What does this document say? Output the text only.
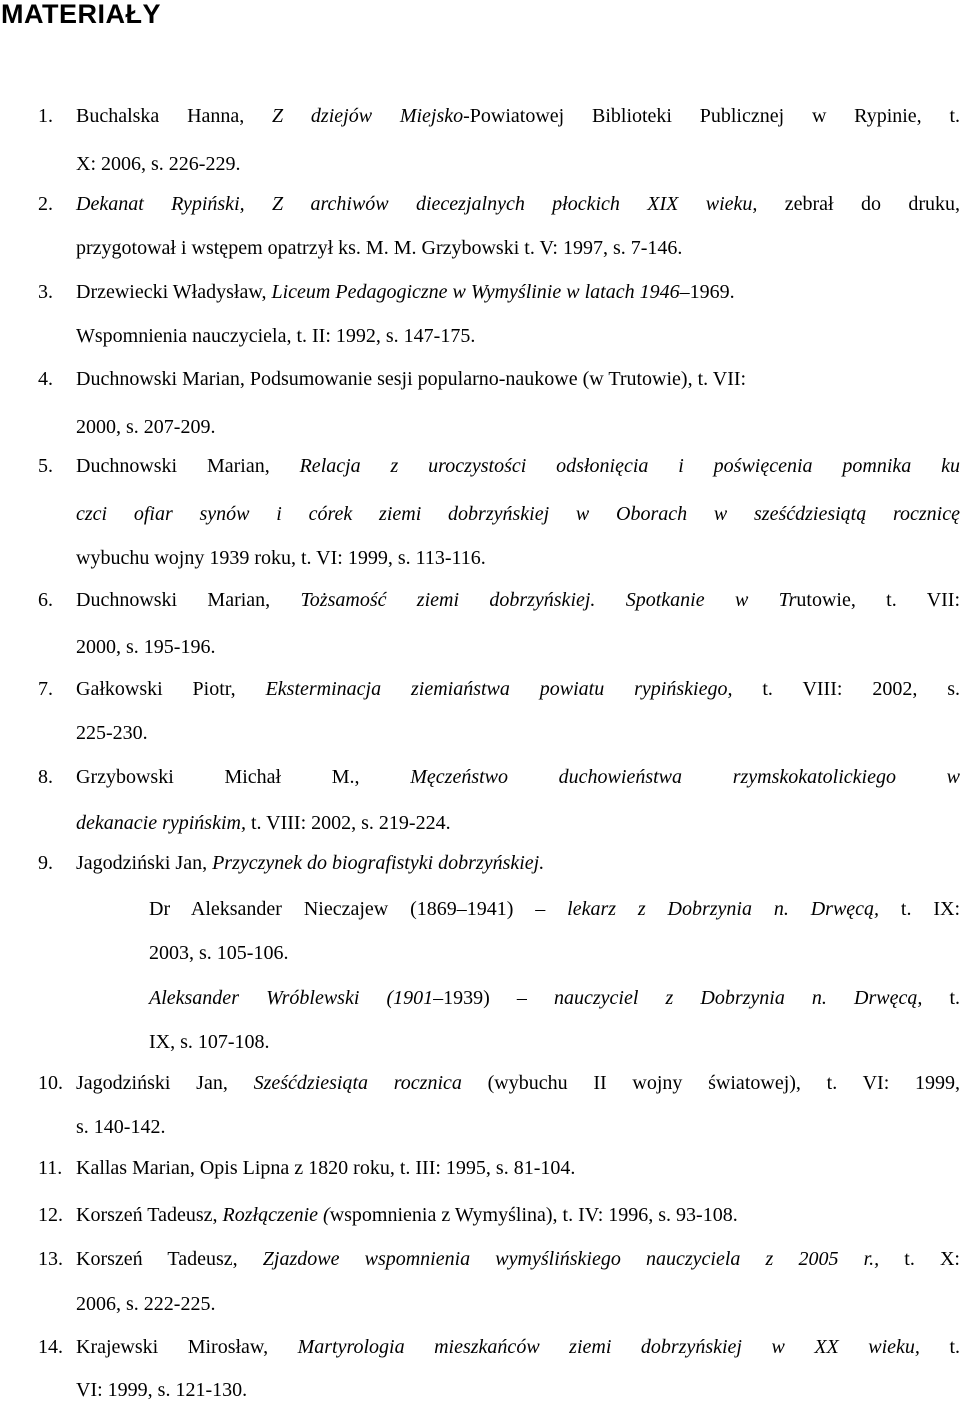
MATERIAŁY
1. Buchalska Hanna, Z dziejów Miejsko-Powiatowej Biblioteki Publicznej w Rypinie, t.
X: 2006, s. 226-229.
2. Dekanat Rypiński, Z archiwów diecezjalnych płockich XIX wieku, zebrał do druku,
przygotował i wstępem opatrzył ks. M. M. Grzybowski t. V: 1997, s. 7-146.
3. Drzewiecki Władysław, Liceum Pedagogiczne w Wymyślinie w latach 1946–1969.
Wspomnienia nauczyciela, t. II: 1992, s. 147-175.
4. Duchnowski Marian, Podsumowanie sesji popularno-naukowe (w Trutowie), t. VII:
2000, s. 207-209.
5. Duchnowski Marian, Relacja z uroczystości odsłonięcia i poświęcenia pomnika ku
czci ofiar synów i córek ziemi dobrzyńskiej w Oborach w sześćdziesiątą rocznicę
wybuchu wojny 1939 roku, t. VI: 1999, s. 113-116.
6. Duchnowski Marian, Tożsamość ziemi dobrzyńskiej. Spotkanie w Trutowie, t. VII:
2000, s. 195-196.
7. Gałkowski Piotr, Eksterminacja ziemiaństwa powiatu rypińskiego, t. VIII: 2002, s.
225-230.
8. Grzybowski Michał M., Męczeństwo duchowieństwa rzymskokatolickiego w
dekanacie rypińskim, t. VIII: 2002, s. 219-224.
9. Jagodziński Jan, Przyczynek do biografistyki dobrzyńskiej.
Dr Aleksander Nieczajew (1869–1941) – lekarz z Dobrzynia n. Drwęcą, t. IX:
2003, s. 105-106.
Aleksander Wróblewski (1901–1939) – nauczyciel z Dobrzynia n. Drwęcą, t.
IX, s. 107-108.
10. Jagodziński Jan, Sześćdziesiąta rocznica (wybuchu II wojny światowej), t. VI: 1999,
s. 140-142.
11. Kallas Marian, Opis Lipna z 1820 roku, t. III: 1995, s. 81-104.
12. Korszeń Tadeusz, Rozłączenie (wspomnienia z Wymyślina), t. IV: 1996, s. 93-108.
13. Korszeń Tadeusz, Zjazdowe wspomnienia wymyślińskiego nauczyciela z 2005 r., t. X:
2006, s. 222-225.
14. Krajewski Mirosław, Martyrologia mieszkańców ziemi dobrzyńskiej w XX wieku, t.
VI: 1999, s. 121-130.
